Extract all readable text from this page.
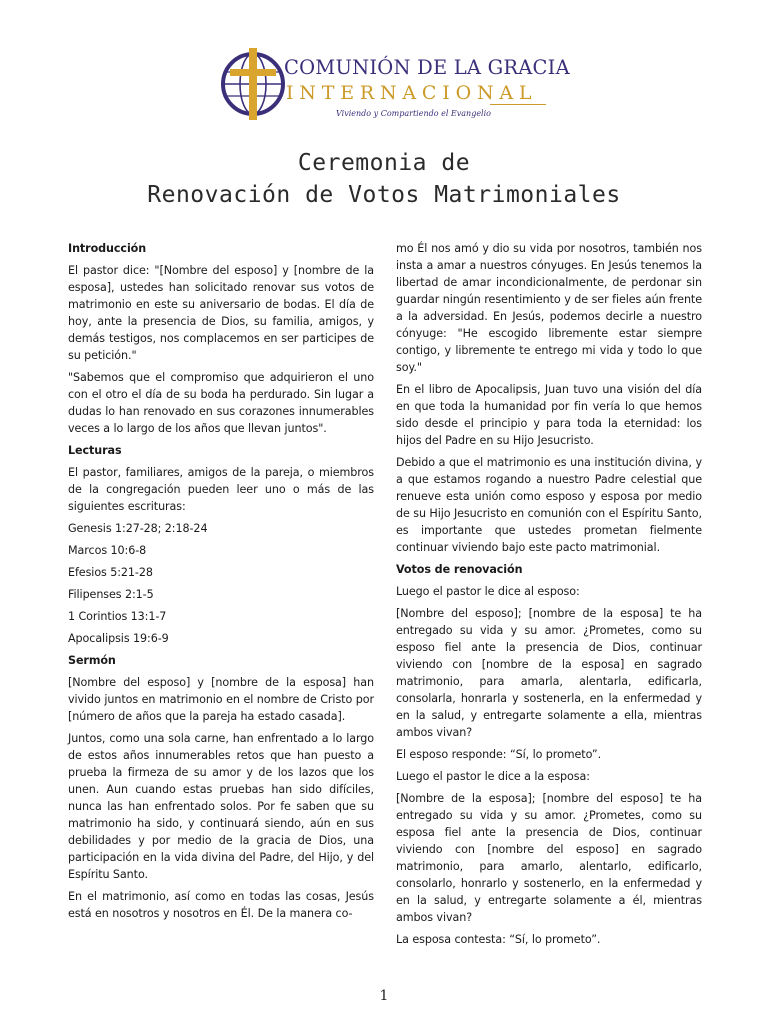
COMUNIÓN DE LA GRACIA
INTERNACIONAL
Viviendo y Compartiendo el Evangelio
Ceremonia de
Renovación de Votos Matrimoniales
Introducción

El pastor dice: "[Nombre del esposo] y [nombre de la esposa], ustedes han solicitado renovar sus votos de matrimonio en este su aniversario de bodas. El día de hoy, ante la presencia de Dios, su familia, amigos, y demás testigos, nos complacemos en ser participes de su petición."

"Sabemos que el compromiso que adquirieron el uno con el otro el día de su boda ha perdurado. Sin lugar a dudas lo han renovado en sus corazones innumerables veces a lo largo de los años que llevan juntos".

Lecturas

El pastor, familiares, amigos de la pareja, o miembros de la congregación pueden leer uno o más de las siguientes escrituras:

Genesis 1:27-28; 2:18-24

Marcos 10:6-8

Efesios 5:21-28

Filipenses 2:1-5

1 Corintios 13:1-7

Apocalipsis 19:6-9

Sermón

[Nombre del esposo] y [nombre de la esposa] han vivido juntos en matrimonio en el nombre de Cristo por [número de años que la pareja ha estado casada].

Juntos, como una sola carne, han enfrentado a lo largo de estos años innumerables retos que han puesto a prueba la firmeza de su amor y de los lazos que los unen. Aun cuando estas pruebas han sido difíciles, nunca las han enfrentado solos. Por fe saben que su matrimonio ha sido, y continuará siendo, aún en sus debilidades y por medio de la gracia de Dios, una participación en la vida divina del Padre, del Hijo, y del Espíritu Santo.

En el matrimonio, así como en todas las cosas, Jesús está en nosotros y nosotros en Él. De la manera co-

mo Él nos amó y dio su vida por nosotros, también nos insta a amar a nuestros cónyuges. En Jesús tenemos la libertad de amar incondicionalmente, de perdonar sin guardar ningún resentimiento y de ser fieles aún frente a la adversidad. En Jesús, podemos decirle a nuestro cónyuge: "He escogido libremente estar siempre contigo, y libremente te entrego mi vida y todo lo que soy."

En el libro de Apocalipsis, Juan tuvo una visión del día en que toda la humanidad por fin vería lo que hemos sido desde el principio y para toda la eternidad: los hijos del Padre en su Hijo Jesucristo.

Debido a que el matrimonio es una institución divina, y a que estamos rogando a nuestro Padre celestial que renueve esta unión como esposo y esposa por medio de su Hijo Jesucristo en comunión con el Espíritu Santo, es importante que ustedes prometan fielmente continuar viviendo bajo este pacto matrimonial.

Votos de renovación

Luego el pastor le dice al esposo:

[Nombre del esposo]; [nombre de la esposa] te ha entregado su vida y su amor. ¿Prometes, como su esposo fiel ante la presencia de Dios, continuar viviendo con [nombre de la esposa] en sagrado matrimonio, para amarla, alentarla, edificarla, consolarla, honrarla y sostenerla, en la enfermedad y en la salud, y entregarte solamente a ella, mientras ambos vivan?

El esposo responde: “Sí, lo prometo”.

Luego el pastor le dice a la esposa:

[Nombre de la esposa]; [nombre del esposo] te ha entregado su vida y su amor. ¿Prometes, como su esposa fiel ante la presencia de Dios, continuar viviendo con [nombre del esposo] en sagrado matrimonio, para amarlo, alentarlo, edificarlo, consolarlo, honrarlo y sostenerlo, en la enfermedad y en la salud, y entregarte solamente a él, mientras ambos vivan?

La esposa contesta: “Sí, lo prometo”.

1
